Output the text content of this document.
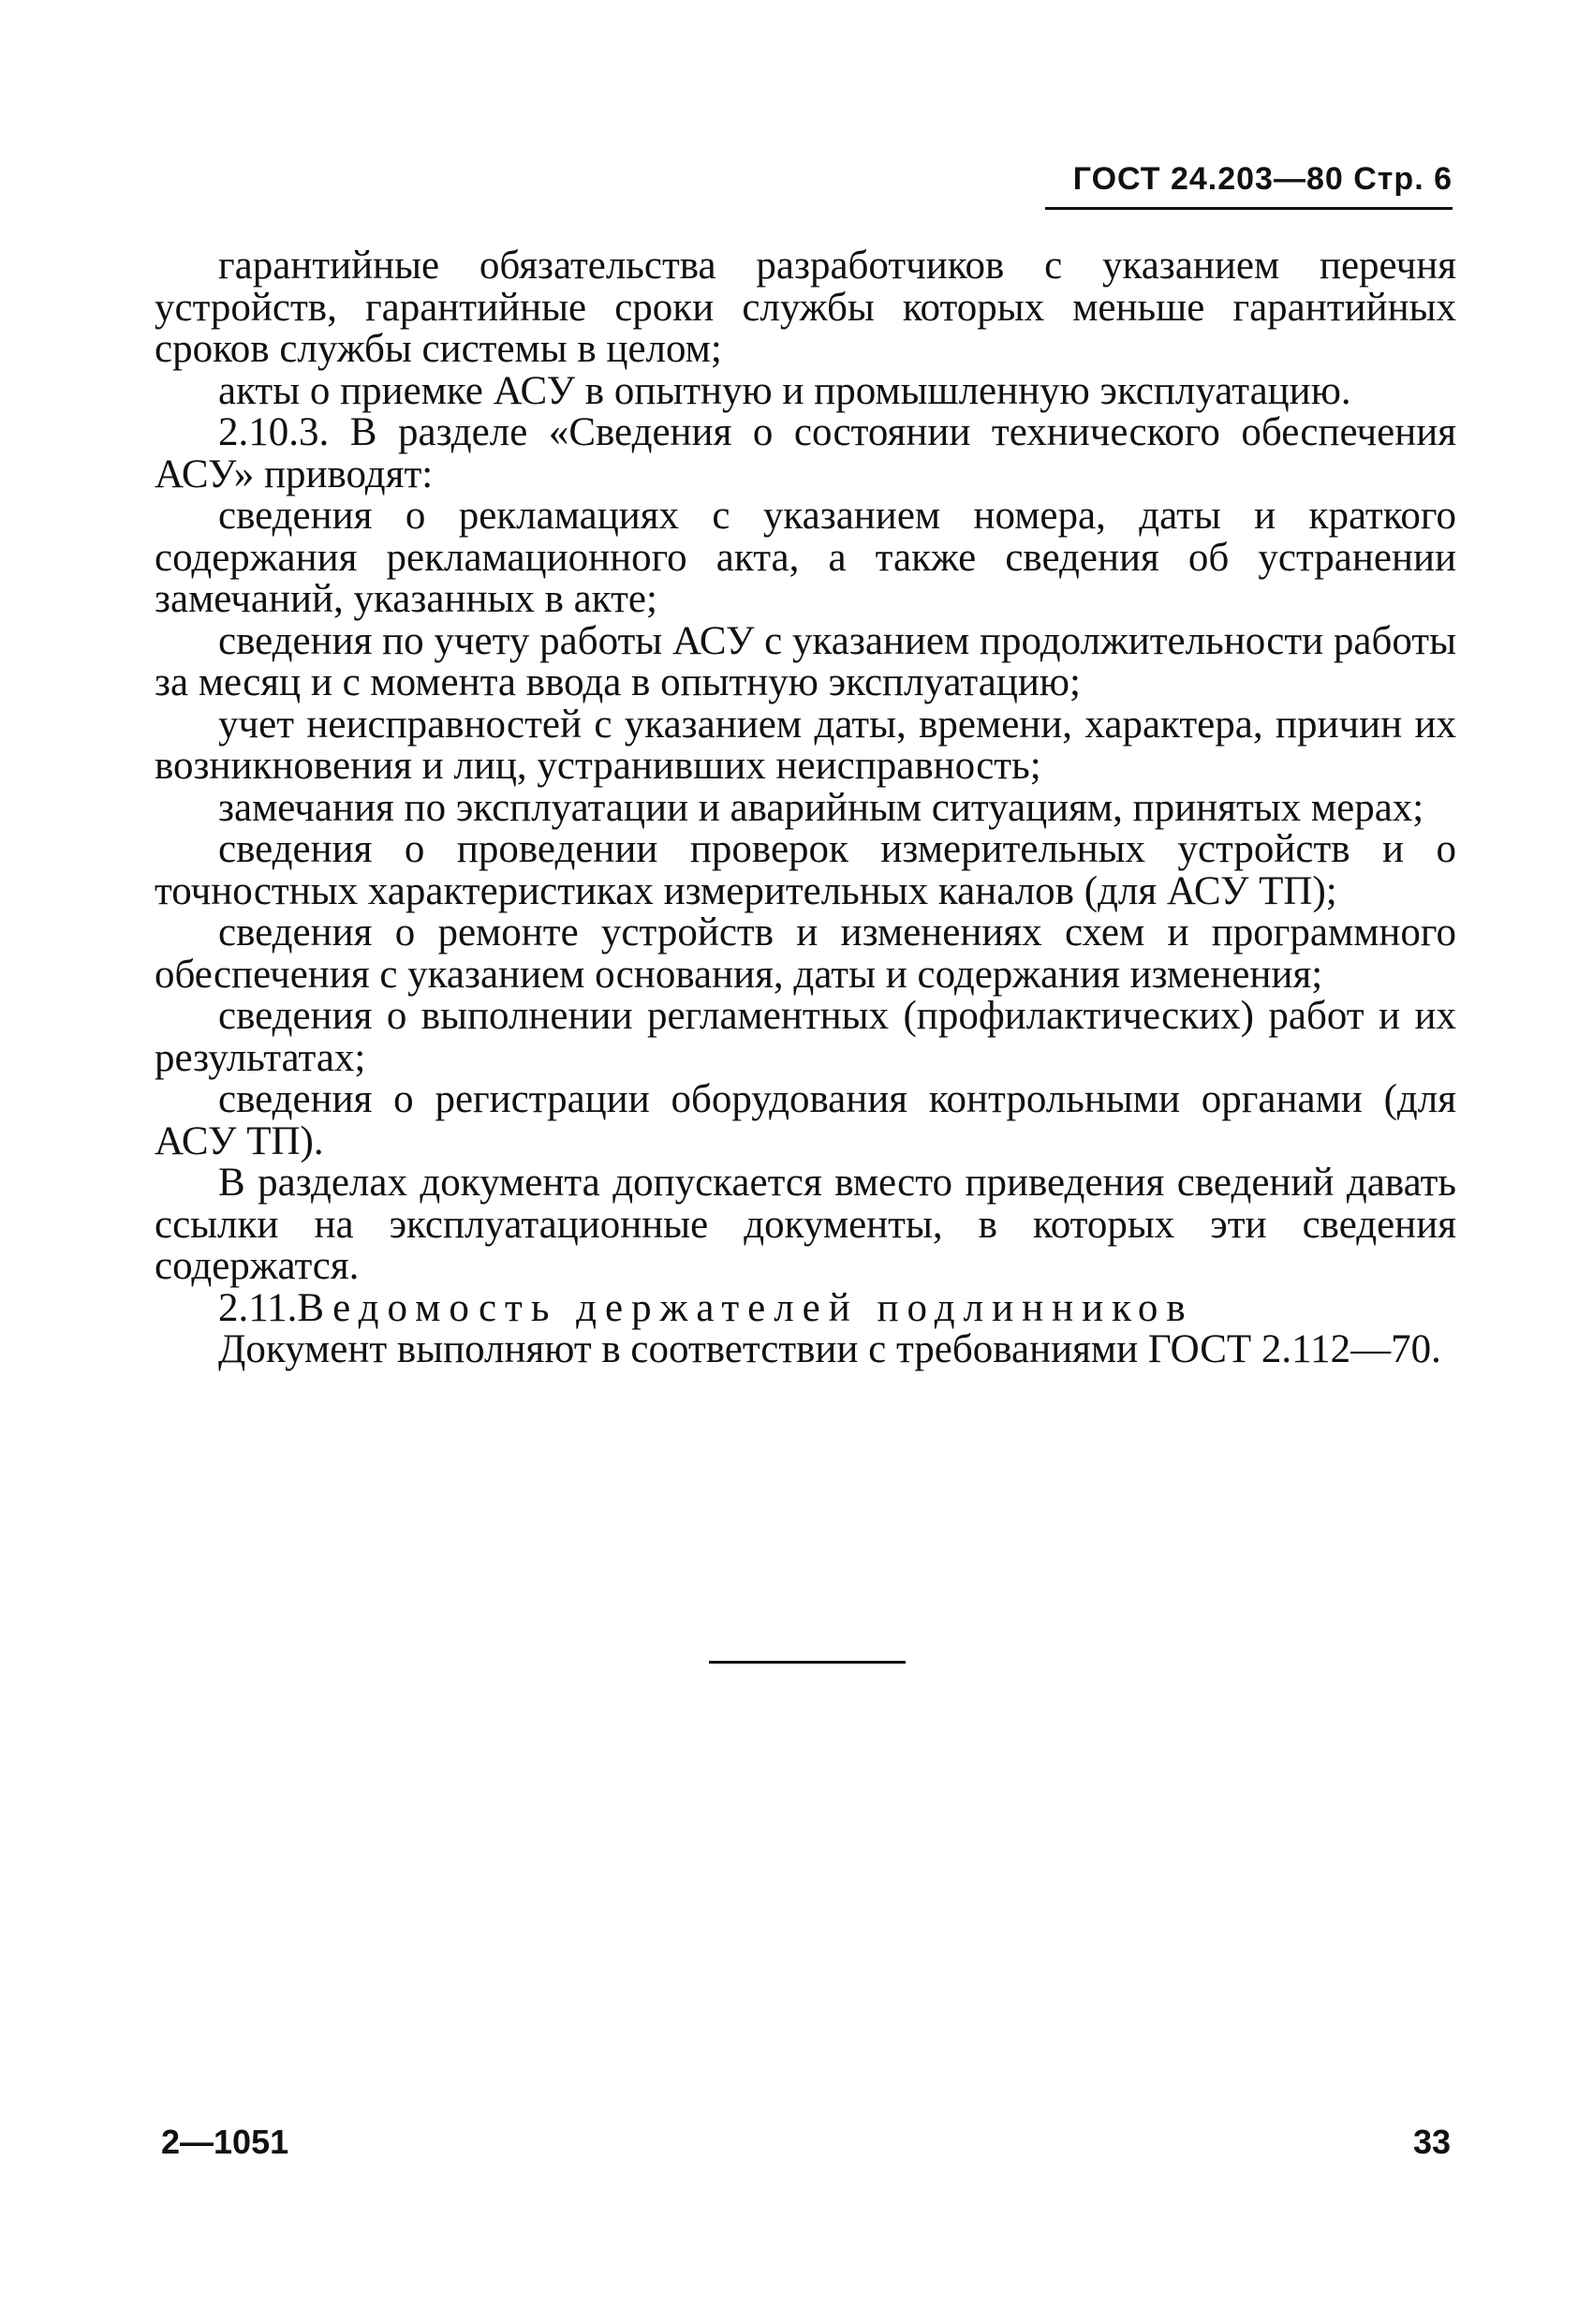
ГОСТ 24.203—80 Стр. 6

гарантийные обязательства разработчиков с указанием перечня устройств, гарантийные сроки службы которых меньше гарантийных сроков службы системы в целом;

акты о приемке АСУ в опытную и промышленную эксплуатацию.

2.10.3. В разделе «Сведения о состоянии технического обеспечения АСУ» приводят:

сведения о рекламациях с указанием номера, даты и краткого содержания рекламационного акта, а также сведения об устранении замечаний, указанных в акте;

сведения по учету работы АСУ с указанием продолжительности работы за месяц и с момента ввода в опытную эксплуатацию;

учет неисправностей с указанием даты, времени, характера, причин их возникновения и лиц, устранивших неисправность;

замечания по эксплуатации и аварийным ситуациям, принятых мерах;

сведения о проведении проверок измерительных устройств и о точностных характеристиках измерительных каналов (для АСУ ТП);

сведения о ремонте устройств и изменениях схем и программного обеспечения с указанием основания, даты и содержания изменения;

сведения о выполнении регламентных (профилактических) работ и их результатах;

сведения о регистрации оборудования контрольными органами (для АСУ ТП).

В разделах документа допускается вместо приведения сведений давать ссылки на эксплуатационные документы, в которых эти сведения содержатся.

2.11.Ведомость держателей подлинников

Документ выполняют в соответствии с требованиями ГОСТ 2.112—70.

2—1051	33
